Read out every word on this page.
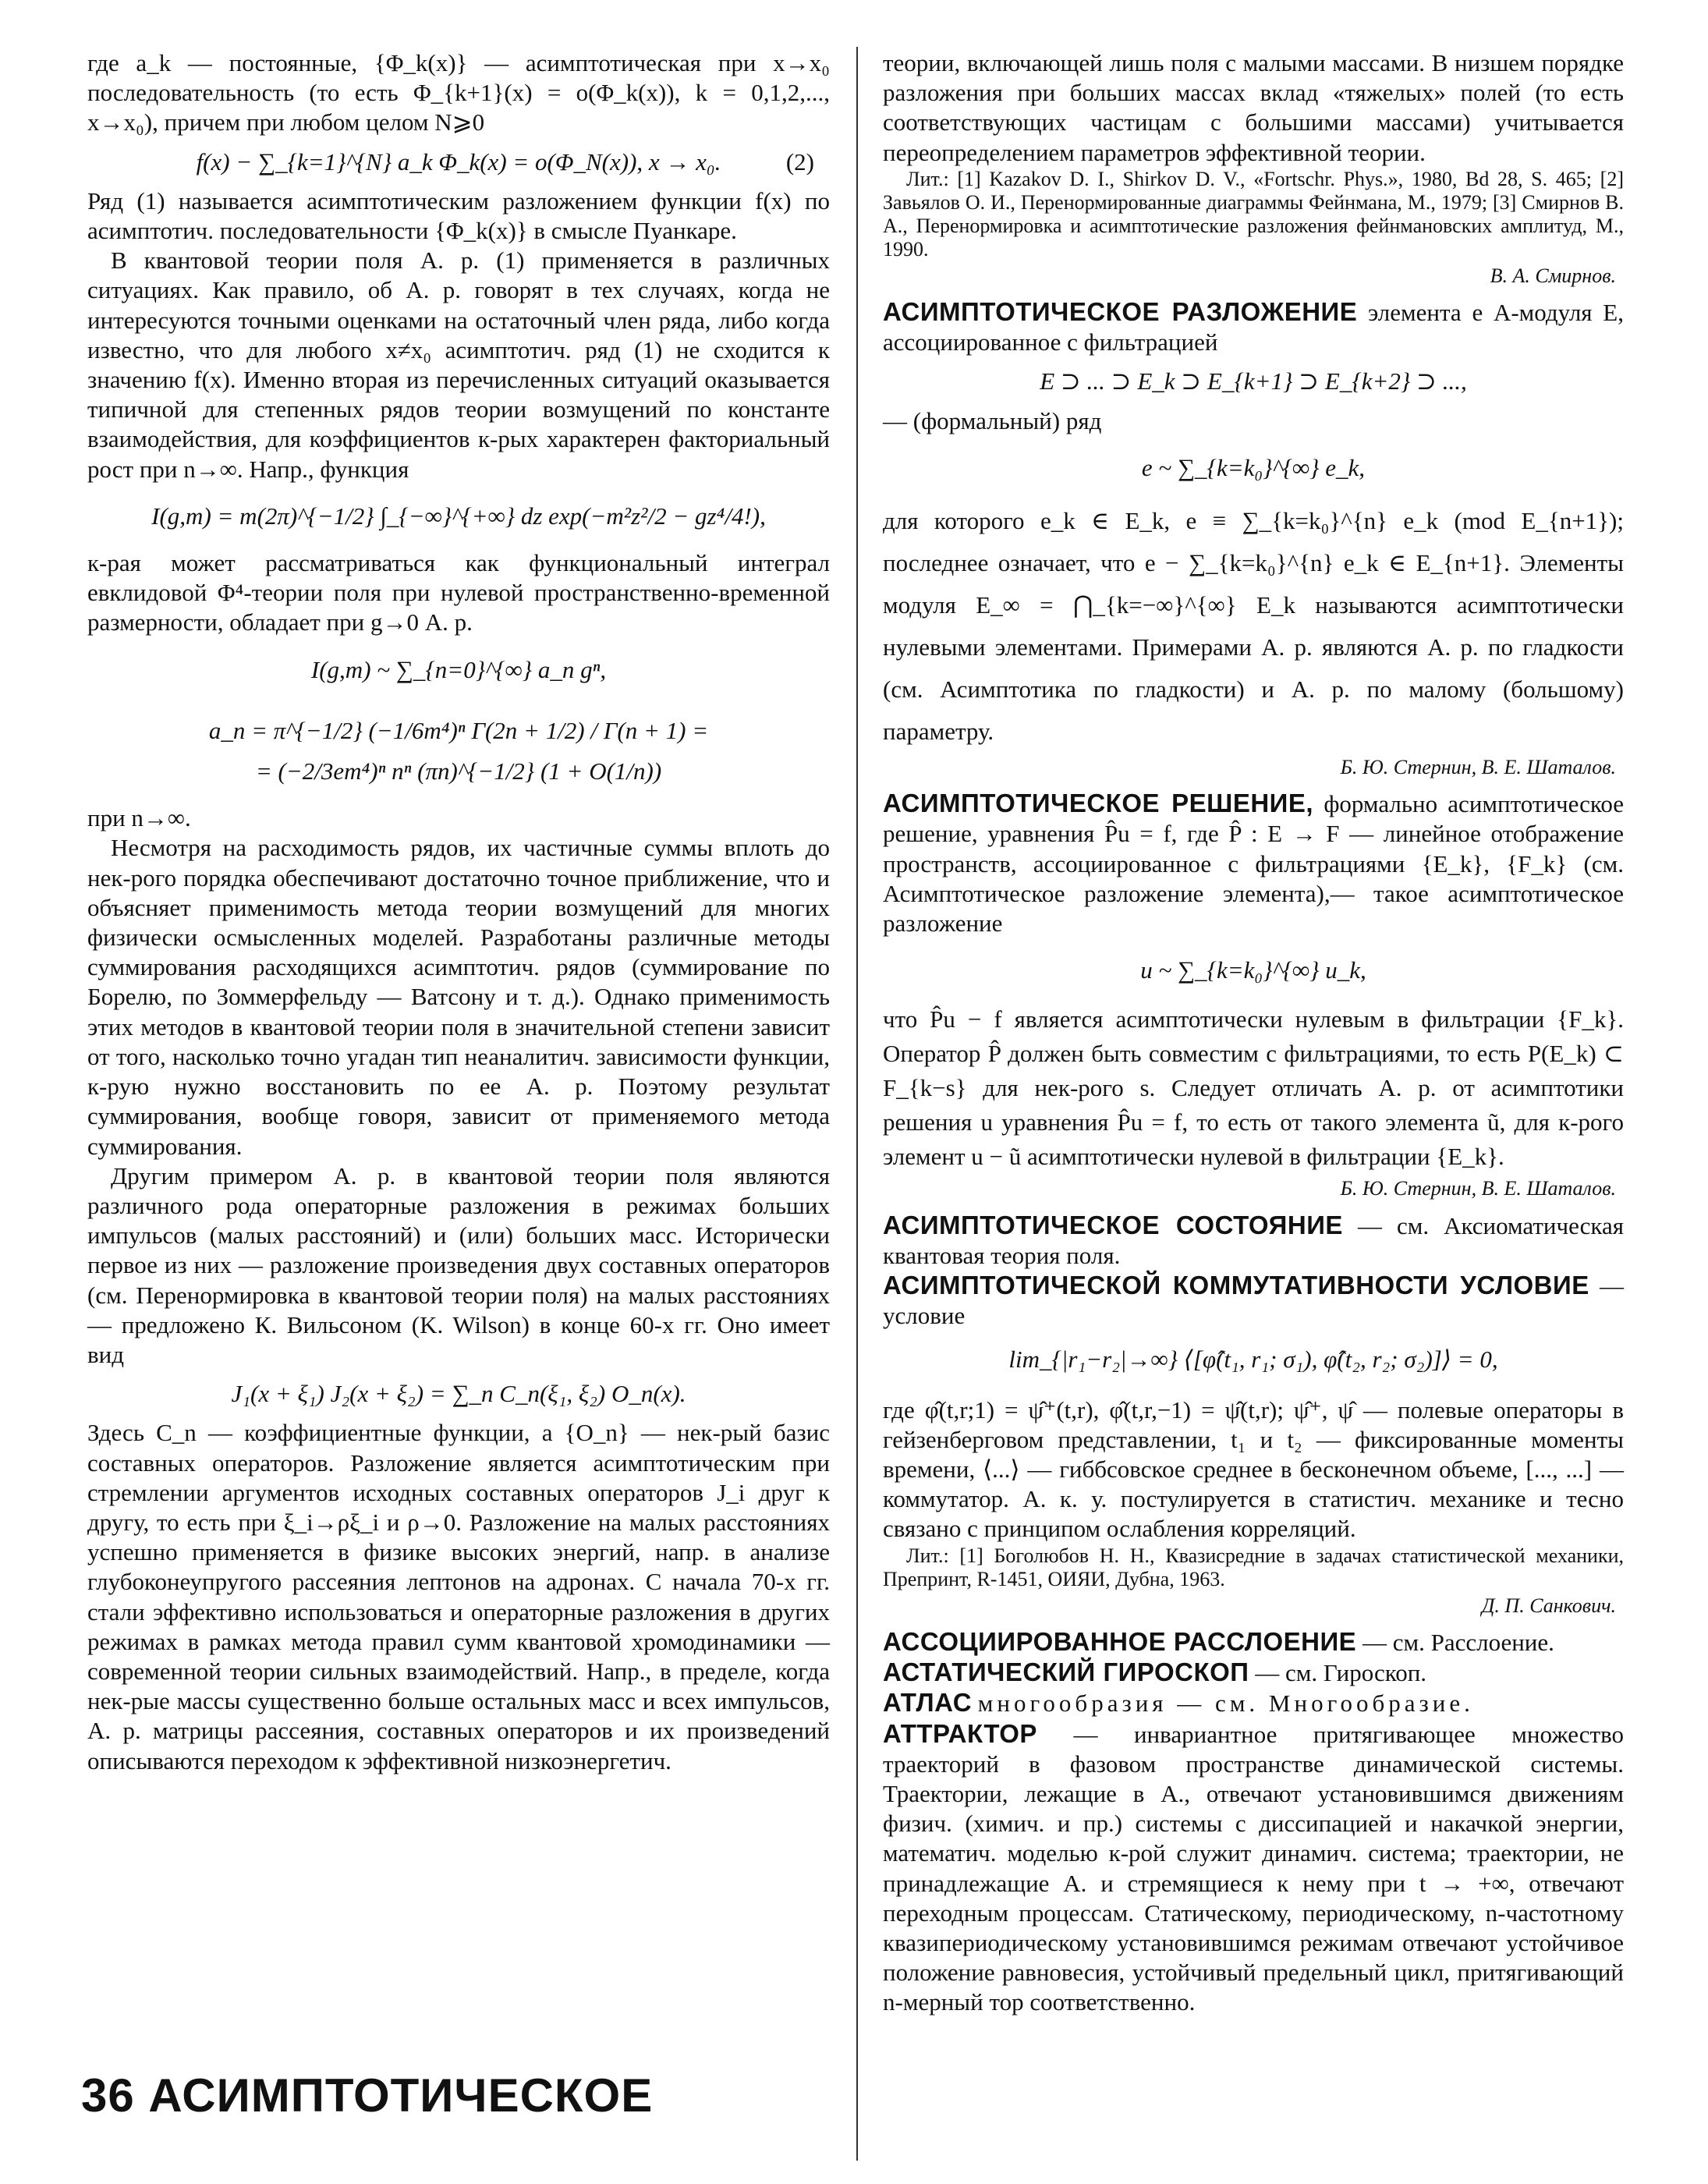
где a_k — постоянные, {Φ_k(x)} — асимптотическая при x→x₀ последовательность (то есть Φ_{k+1}(x) = o(Φ_k(x)), k = 0,1,2,..., x→x₀), причем при любом целом N⩾0

f(x) − ∑_{k=1}^{N} a_k Φ_k(x) = o(Φ_N(x)), x → x₀.	(2)

Ряд (1) называется асимптотическим разложением функции f(x) по асимптотич. последовательности {Φ_k(x)} в смысле Пуанкаре.

В квантовой теории поля А. р. (1) применяется в различных ситуациях. Как правило, об А. р. говорят в тех случаях, когда не интересуются точными оценками на остаточный член ряда, либо когда известно, что для любого x≠x₀ асимптотич. ряд (1) не сходится к значению f(x). Именно вторая из перечисленных ситуаций оказывается типичной для степенных рядов теории возмущений по константе взаимодействия, для коэффициентов к-рых характерен факториальный рост при n→∞. Напр., функция

I(g,m) = m(2π)^{−1/2} ∫_{−∞}^{+∞} dz exp(−m²z²/2 − gz⁴/4!),

к-рая может рассматриваться как функциональный интеграл евклидовой Φ⁴-теории поля при нулевой пространственно-временной размерности, обладает при g→0 А. р.

I(g,m) ~ ∑_{n=0}^{∞} a_n gⁿ,

a_n = π^{−1/2} (−1/6m⁴)ⁿ Γ(2n + 1/2) / Γ(n + 1) =

= (−2/3em⁴)ⁿ nⁿ (πn)^{−1/2} (1 + O(1/n))

при n→∞.

Несмотря на расходимость рядов, их частичные суммы вплоть до нек-рого порядка обеспечивают достаточно точное приближение, что и объясняет применимость метода теории возмущений для многих физически осмысленных моделей. Разработаны различные методы суммирования расходящихся асимптотич. рядов (суммирование по Борелю, по Зоммерфельду — Ватсону и т. д.). Однако применимость этих методов в квантовой теории поля в значительной степени зависит от того, насколько точно угадан тип неаналитич. зависимости функции, к-рую нужно восстановить по ее А. р. Поэтому результат суммирования, вообще говоря, зависит от применяемого метода суммирования.

Другим примером А. р. в квантовой теории поля являются различного рода операторные разложения в режимах больших импульсов (малых расстояний) и (или) больших масс. Исторически первое из них — разложение произведения двух составных операторов (см. Перенормировка в квантовой теории поля) на малых расстояниях — предложено К. Вильсоном (K. Wilson) в конце 60-х гг. Оно имеет вид

J₁(x + ξ₁) J₂(x + ξ₂) = ∑_n C_n(ξ₁, ξ₂) O_n(x).

Здесь C_n — коэффициентные функции, а {O_n} — нек-рый базис составных операторов. Разложение является асимптотическим при стремлении аргументов исходных составных операторов J_i друг к другу, то есть при ξ_i→ρξ_i и ρ→0. Разложение на малых расстояниях успешно применяется в физике высоких энергий, напр. в анализе глубоконеупругого рассеяния лептонов на адронах. С начала 70-х гг. стали эффективно использоваться и операторные разложения в других режимах в рамках метода правил сумм квантовой хромодинамики — современной теории сильных взаимодействий. Напр., в пределе, когда нек-рые массы существенно больше остальных масс и всех импульсов, А. р. матрицы рассеяния, составных операторов и их произведений описываются переходом к эффективной низкоэнергетич.

теории, включающей лишь поля с малыми массами. В низшем порядке разложения при больших массах вклад «тяжелых» полей (то есть соответствующих частицам с большими массами) учитывается переопределением параметров эффективной теории.

Лит.: [1] Kazakov D. I., Shirkov D. V., «Fortschr. Phys.», 1980, Bd 28, S. 465; [2] Завьялов О. И., Перенормированные диаграммы Фейнмана, М., 1979; [3] Смирнов В. А., Перенормировка и асимптотические разложения фейнмановских амплитуд, М., 1990.

В. А. Смирнов.

АСИМПТОТИЧЕСКОЕ РАЗЛОЖЕНИЕ элемента e А-модуля E, ассоциированное с фильтрацией

E ⊃ ... ⊃ E_k ⊃ E_{k+1} ⊃ E_{k+2} ⊃ ...,

— (формальный) ряд

e ~ ∑_{k=k₀}^{∞} e_k,

для которого e_k ∈ E_k, e ≡ ∑_{k=k₀}^{n} e_k (mod E_{n+1}); последнее означает, что e − ∑_{k=k₀}^{n} e_k ∈ E_{n+1}. Элементы модуля E_∞ = ⋂_{k=−∞}^{∞} E_k называются асимптотически нулевыми элементами. Примерами А. р. являются А. р. по гладкости (см. Асимптотика по гладкости) и А. р. по малому (большому) параметру.

Б. Ю. Стернин, В. Е. Шаталов.

АСИМПТОТИЧЕСКОЕ РЕШЕНИЕ, формально асимптотическое решение, уравнения P̂u = f, где P̂ : E → F — линейное отображение пространств, ассоциированное с фильтрациями {E_k}, {F_k} (см. Асимптотическое разложение элемента),— такое асимптотическое разложение

u ~ ∑_{k=k₀}^{∞} u_k,

что P̂u − f является асимптотически нулевым в фильтрации {F_k}. Оператор P̂ должен быть совместим с фильтрациями, то есть P(E_k) ⊂ F_{k−s} для нек-рого s. Следует отличать А. р. от асимптотики решения u уравнения P̂u = f, то есть от такого элемента ũ, для к-рого элемент u − ũ асимптотически нулевой в фильтрации {E_k}.

Б. Ю. Стернин, В. Е. Шаталов.

АСИМПТОТИЧЕСКОЕ СОСТОЯНИЕ — см. Аксиоматическая квантовая теория поля.

АСИМПТОТИЧЕСКОЙ КОММУТАТИВНОСТИ УСЛОВИЕ — условие

lim_{|r₁−r₂|→∞} ⟨[φ̂(t₁, r₁; σ₁), φ̂(t₂, r₂; σ₂)]⟩ = 0,

где φ̂(t,r;1) = ψ̂⁺(t,r), φ̂(t,r,−1) = ψ̂(t,r); ψ̂⁺, ψ̂ — полевые операторы в гейзенберговом представлении, t₁ и t₂ — фиксированные моменты времени, ⟨...⟩ — гиббсовское среднее в бесконечном объеме, [..., ...] — коммутатор. А. к. у. постулируется в статистич. механике и тесно связано с принципом ослабления корреляций.

Лит.: [1] Боголюбов Н. Н., Квазисредние в задачах статистической механики, Препринт, R-1451, ОИЯИ, Дубна, 1963.

Д. П. Санкович.

АССОЦИИРОВАННОЕ РАССЛОЕНИЕ — см. Расслоение.

АСТАТИЧЕСКИЙ ГИРОСКОП — см. Гироскоп.

АТЛАС многообразия — см. Многообразие.

АТТРАКТОР — инвариантное притягивающее множество траекторий в фазовом пространстве динамической системы. Траектории, лежащие в А., отвечают установившимся движениям физич. (химич. и пр.) системы с диссипацией и накачкой энергии, математич. моделью к-рой служит динамич. система; траектории, не принадлежащие А. и стремящиеся к нему при t → +∞, отвечают переходным процессам. Статическому, периодическому, n-частотному квазипериодическому установившимся режимам отвечают устойчивое положение равновесия, устойчивый предельный цикл, притягивающий n-мерный тор соответственно.

36 АСИМПТОТИЧЕСКОЕ
